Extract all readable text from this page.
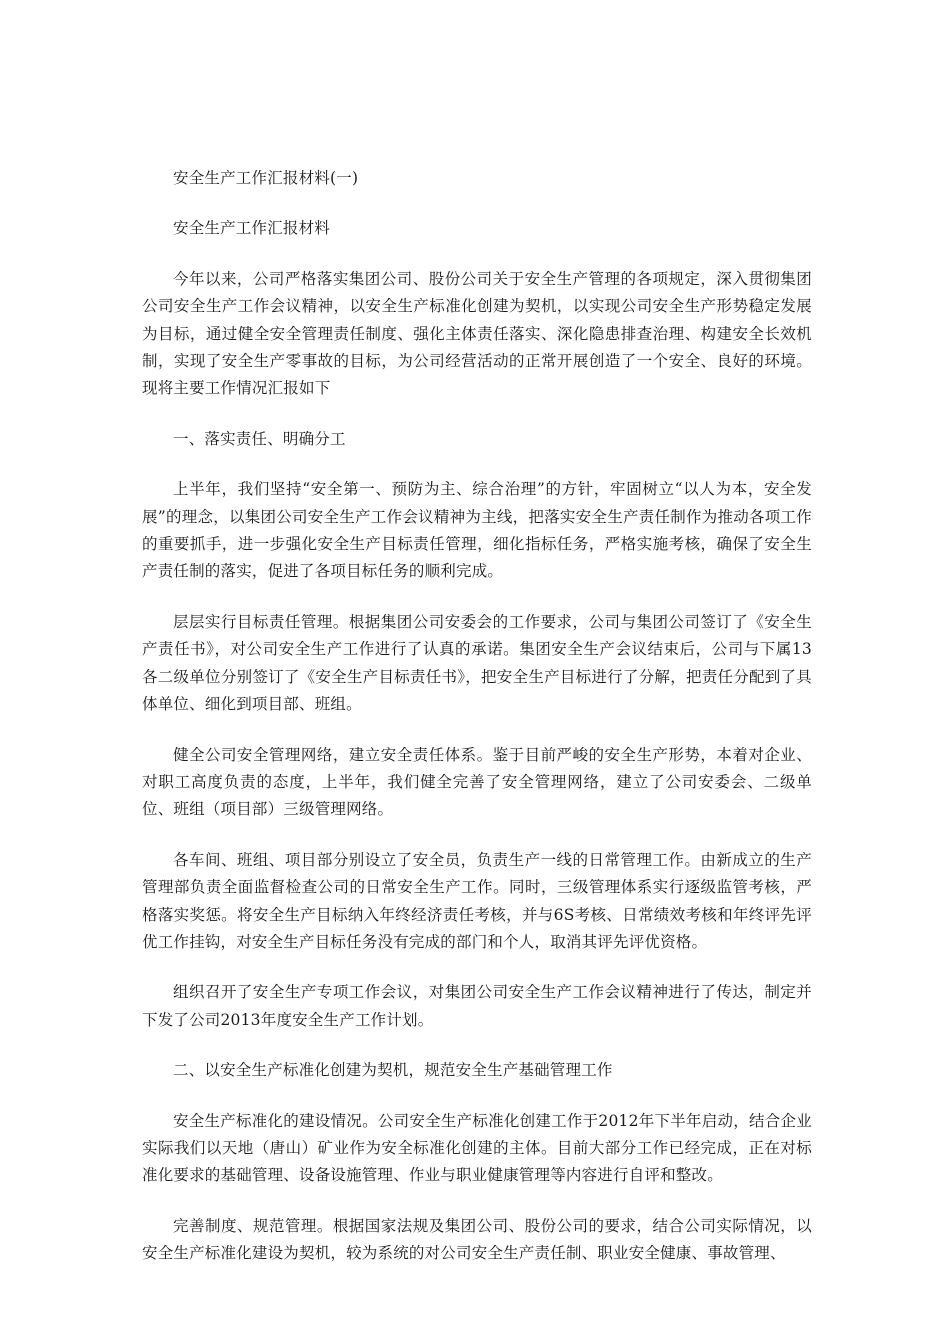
安全生产工作汇报材料(一)

安全生产工作汇报材料

今年以来，公司严格落实集团公司、股份公司关于安全生产管理的各项规定，深入贯彻集团公司安全生产工作会议精神，以安全生产标准化创建为契机，以实现公司安全生产形势稳定发展为目标，通过健全安全管理责任制度、强化主体责任落实、深化隐患排查治理、构建安全长效机制，实现了安全生产零事故的目标，为公司经营活动的正常开展创造了一个安全、良好的环境。现将主要工作情况汇报如下

一、落实责任、明确分工

上半年，我们坚持“安全第一、预防为主、综合治理”的方针，牢固树立“以人为本，安全发展”的理念，以集团公司安全生产工作会议精神为主线，把落实安全生产责任制作为推动各项工作的重要抓手，进一步强化安全生产目标责任管理，细化指标任务，严格实施考核，确保了安全生产责任制的落实，促进了各项目标任务的顺利完成。

层层实行目标责任管理。根据集团公司安委会的工作要求，公司与集团公司签订了《安全生产责任书》，对公司安全生产工作进行了认真的承诺。集团安全生产会议结束后，公司与下属13各二级单位分别签订了《安全生产目标责任书》，把安全生产目标进行了分解，把责任分配到了具体单位、细化到项目部、班组。

健全公司安全管理网络，建立安全责任体系。鉴于目前严峻的安全生产形势，本着对企业、对职工高度负责的态度，上半年，我们健全完善了安全管理网络，建立了公司安委会、二级单位、班组（项目部）三级管理网络。

各车间、班组、项目部分别设立了安全员，负责生产一线的日常管理工作。由新成立的生产管理部负责全面监督检查公司的日常安全生产工作。同时，三级管理体系实行逐级监管考核，严格落实奖惩。将安全生产目标纳入年终经济责任考核，并与6S考核、日常绩效考核和年终评先评优工作挂钩，对安全生产目标任务没有完成的部门和个人，取消其评先评优资格。

组织召开了安全生产专项工作会议，对集团公司安全生产工作会议精神进行了传达，制定并下发了公司2013年度安全生产工作计划。

二、以安全生产标准化创建为契机，规范安全生产基础管理工作

安全生产标准化的建设情况。公司安全生产标准化创建工作于2012年下半年启动，结合企业实际我们以天地（唐山）矿业作为安全标准化创建的主体。目前大部分工作已经完成，正在对标准化要求的基础管理、设备设施管理、作业与职业健康管理等内容进行自评和整改。

完善制度、规范管理。根据国家法规及集团公司、股份公司的要求，结合公司实际情况，以安全生产标准化建设为契机，较为系统的对公司安全生产责任制、职业安全健康、事故管理、
